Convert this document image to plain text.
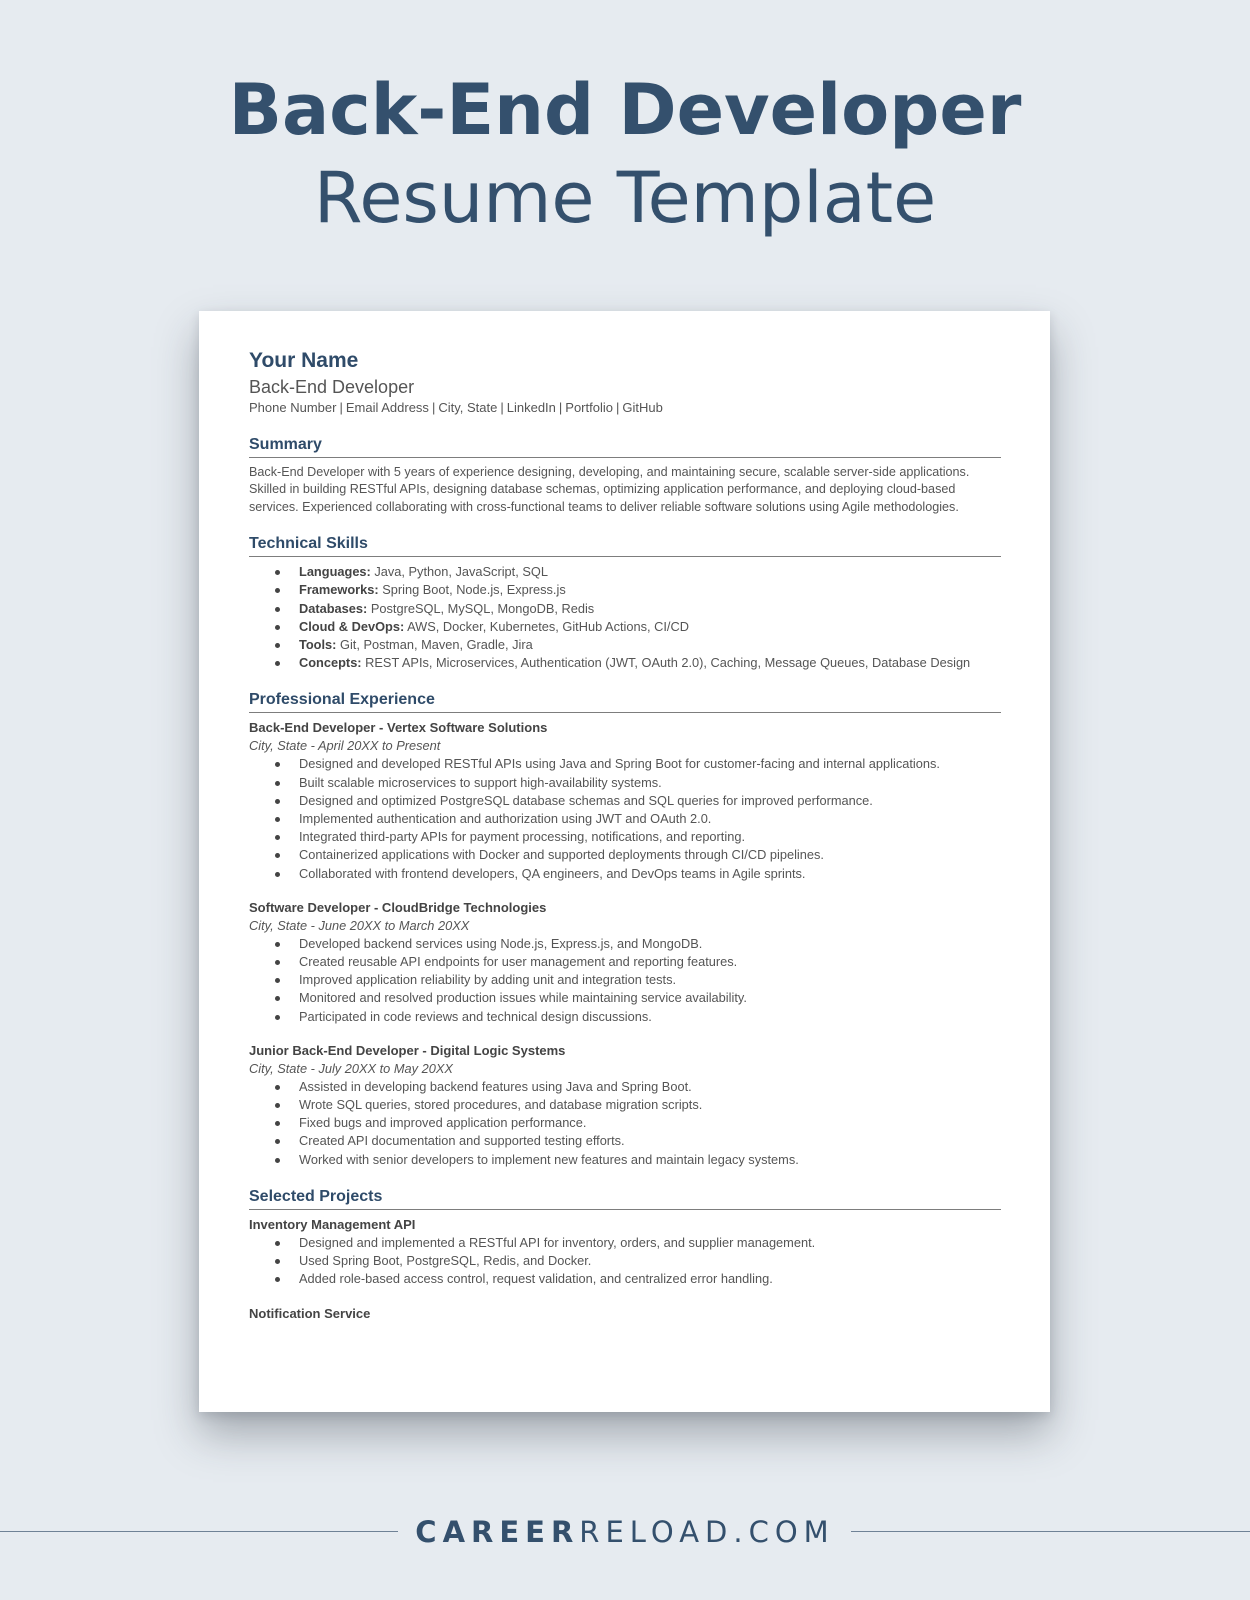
Back-End Developer
Resume Template
Your Name
Back-End Developer
Phone Number | Email Address | City, State | LinkedIn | Portfolio | GitHub
Summary

Back-End Developer with 5 years of experience designing, developing, and maintaining secure, scalable server-side applications. Skilled in building RESTful APIs, designing database schemas, optimizing application performance, and deploying cloud-based services. Experienced collaborating with cross-functional teams to deliver reliable software solutions using Agile methodologies.

Technical Skills
Languages: Java, Python, JavaScript, SQL
Frameworks: Spring Boot, Node.js, Express.js
Databases: PostgreSQL, MySQL, MongoDB, Redis
Cloud & DevOps: AWS, Docker, Kubernetes, GitHub Actions, CI/CD
Tools: Git, Postman, Maven, Gradle, Jira
Concepts: REST APIs, Microservices, Authentication (JWT, OAuth 2.0), Caching, Message Queues, Database Design
Professional Experience
Back-End Developer - Vertex Software Solutions
City, State - April 20XX to Present
Designed and developed RESTful APIs using Java and Spring Boot for customer-facing and internal applications.
Built scalable microservices to support high-availability systems.
Designed and optimized PostgreSQL database schemas and SQL queries for improved performance.
Implemented authentication and authorization using JWT and OAuth 2.0.
Integrated third-party APIs for payment processing, notifications, and reporting.
Containerized applications with Docker and supported deployments through CI/CD pipelines.
Collaborated with frontend developers, QA engineers, and DevOps teams in Agile sprints.
Software Developer - CloudBridge Technologies
City, State - June 20XX to March 20XX
Developed backend services using Node.js, Express.js, and MongoDB.
Created reusable API endpoints for user management and reporting features.
Improved application reliability by adding unit and integration tests.
Monitored and resolved production issues while maintaining service availability.
Participated in code reviews and technical design discussions.
Junior Back-End Developer - Digital Logic Systems
City, State - July 20XX to May 20XX
Assisted in developing backend features using Java and Spring Boot.
Wrote SQL queries, stored procedures, and database migration scripts.
Fixed bugs and improved application performance.
Created API documentation and supported testing efforts.
Worked with senior developers to implement new features and maintain legacy systems.
Selected Projects
Inventory Management API
Designed and implemented a RESTful API for inventory, orders, and supplier management.
Used Spring Boot, PostgreSQL, Redis, and Docker.
Added role-based access control, request validation, and centralized error handling.
Notification Service
CAREERRELOAD.COM
